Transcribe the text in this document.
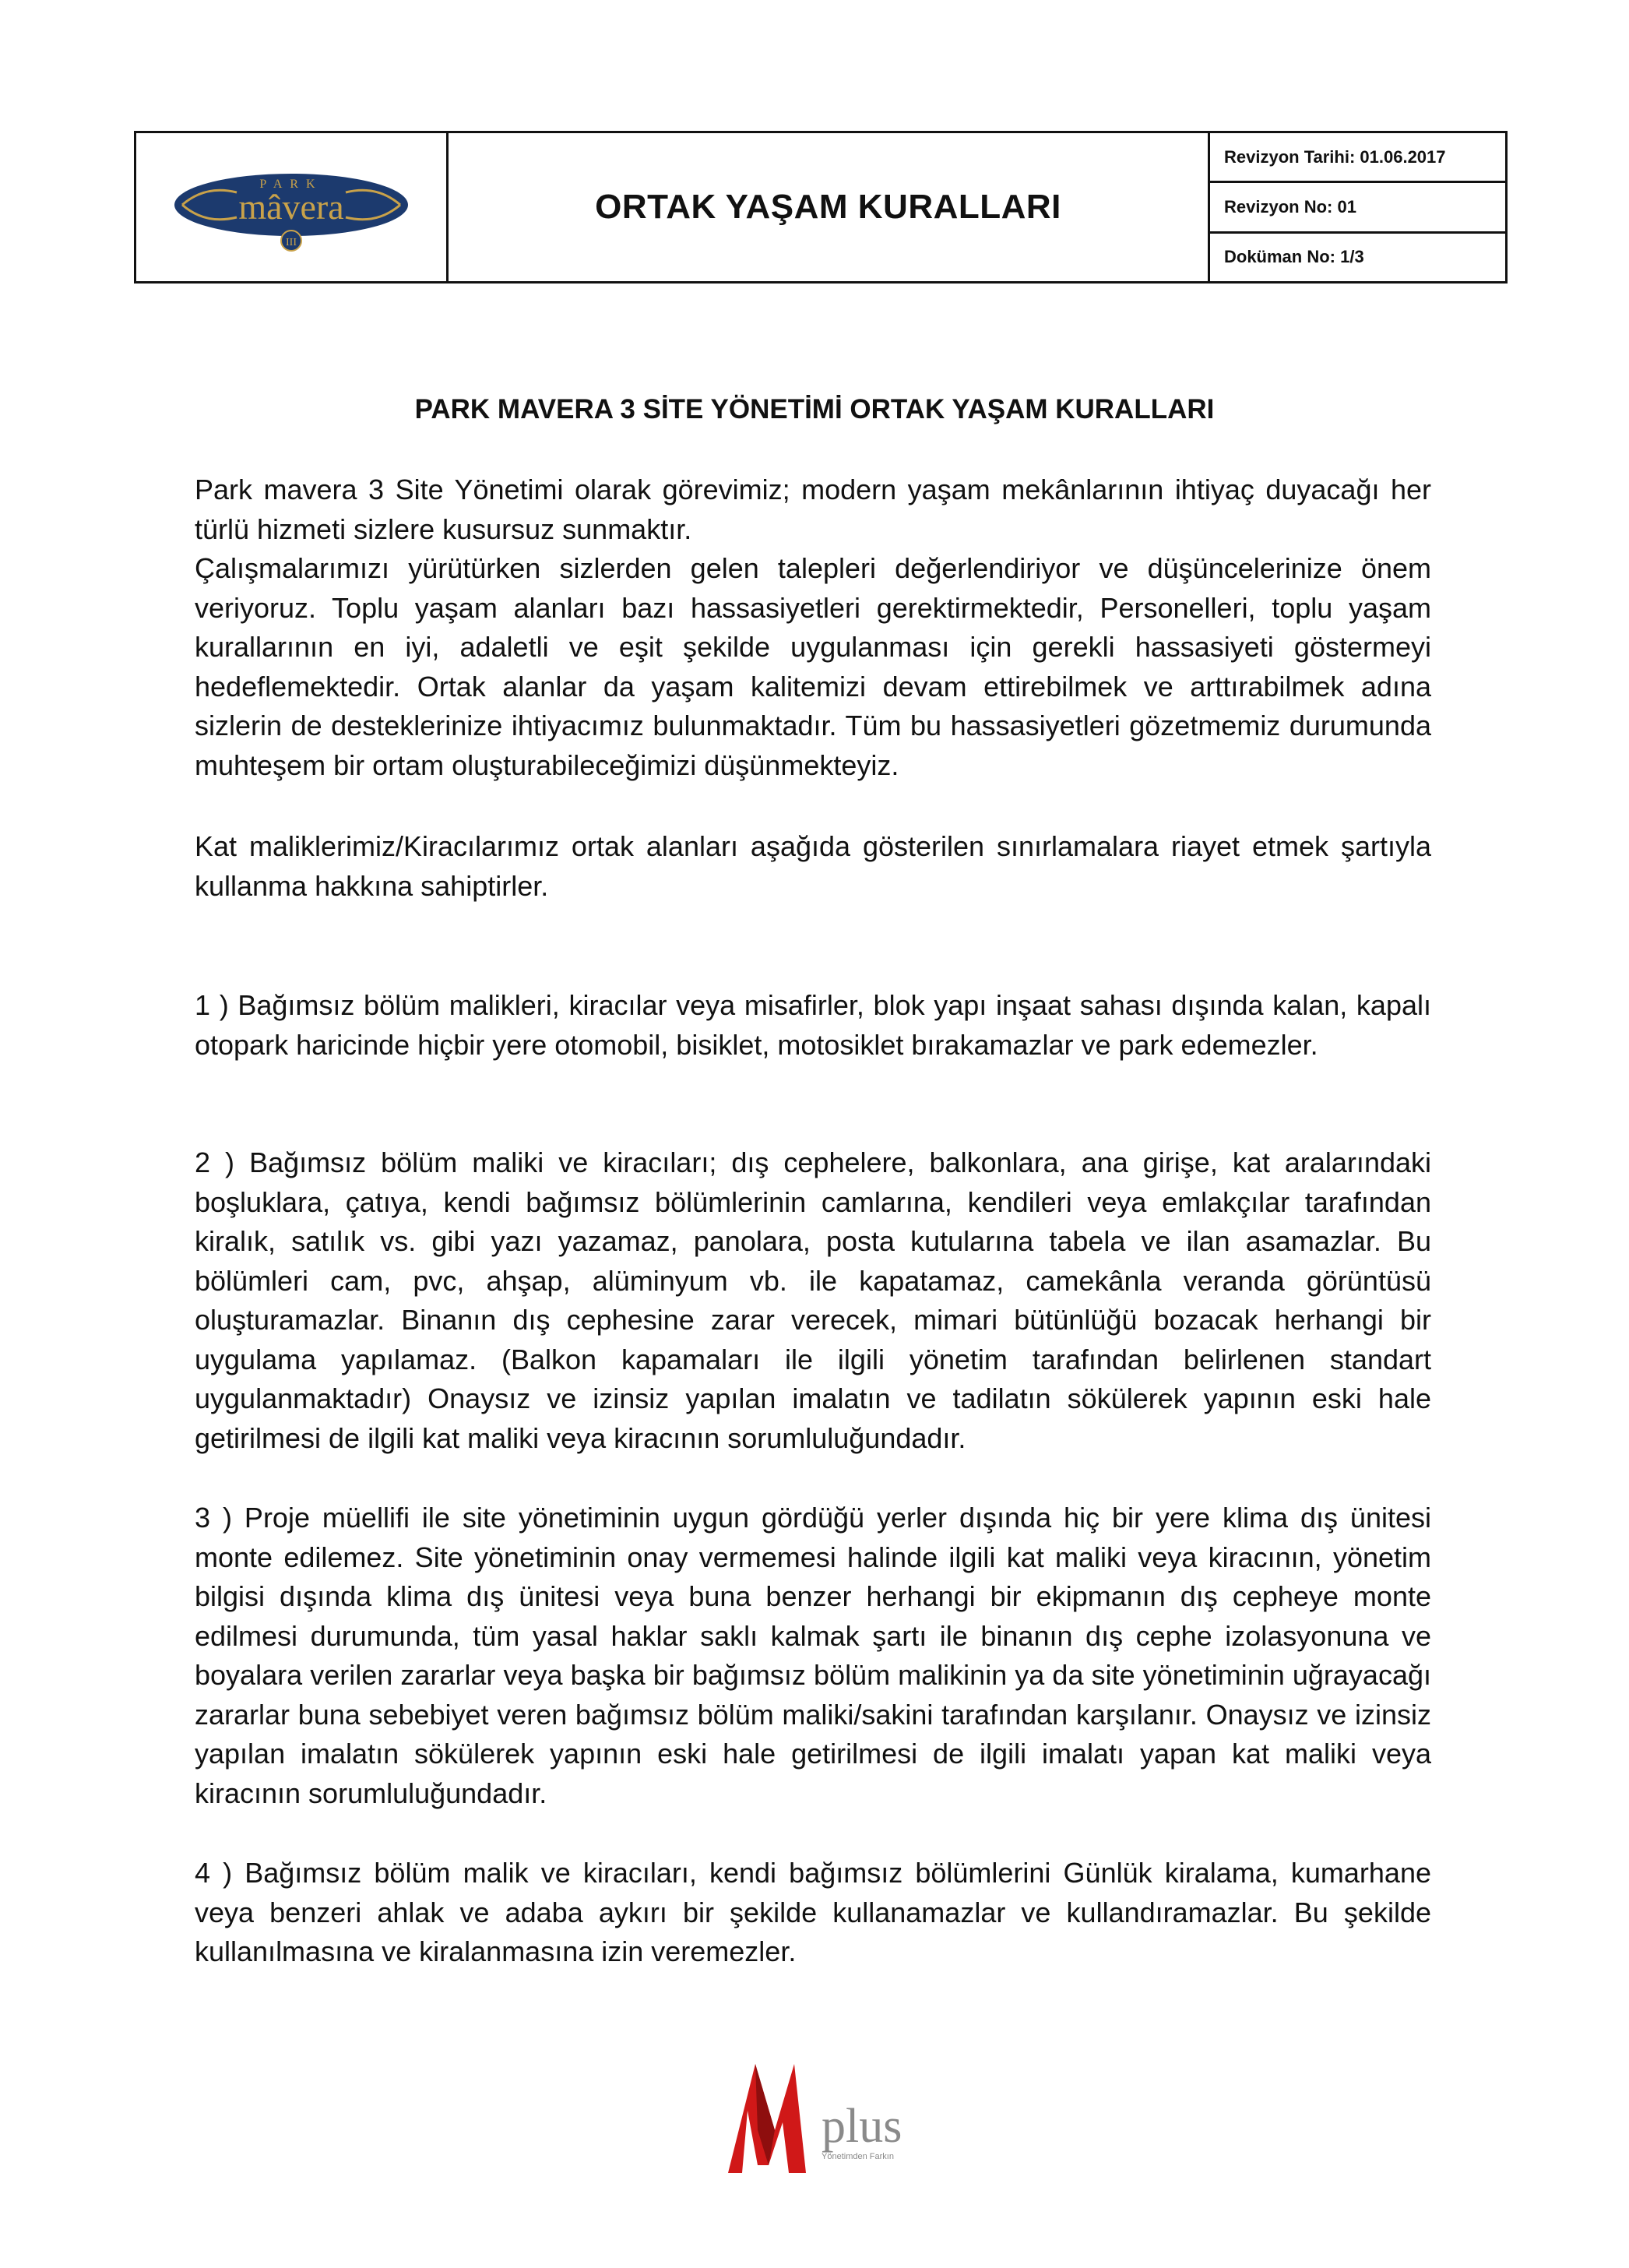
PARK
mâvera
III
ORTAK YAŞAM KURALLARI
Revizyon Tarihi: 01.06.2017
Revizyon No: 01
Doküman No: 1/3
PARK MAVERA 3 SİTE YÖNETİMİ ORTAK YAŞAM KURALLARI

Park mavera 3 Site Yönetimi olarak görevimiz; modern yaşam mekânlarının ihtiyaç duyacağı her türlü hizmeti sizlere kusursuz sunmaktır.

Çalışmalarımızı yürütürken sizlerden gelen talepleri değerlendiriyor ve düşüncelerinize önem veriyoruz. Toplu yaşam alanları bazı hassasiyetleri gerektirmektedir, Personelleri, toplu yaşam kurallarının en iyi, adaletli ve eşit şekilde uygulanması için gerekli hassasiyeti göstermeyi hedeflemektedir. Ortak alanlar da yaşam kalitemizi devam ettirebilmek ve arttırabilmek adına sizlerin de desteklerinize ihtiyacımız bulunmaktadır. Tüm bu hassasiyetleri gözetmemiz durumunda muhteşem bir ortam oluşturabileceğimizi düşünmekteyiz.

Kat maliklerimiz/Kiracılarımız ortak alanları aşağıda gösterilen sınırlamalara riayet etmek şartıyla kullanma hakkına sahiptirler.

1 ) Bağımsız bölüm malikleri, kiracılar veya misafirler, blok yapı inşaat sahası dışında kalan, kapalı otopark haricinde hiçbir yere otomobil, bisiklet, motosiklet bırakamazlar ve park edemezler.

2 ) Bağımsız bölüm maliki ve kiracıları; dış cephelere, balkonlara, ana girişe, kat aralarındaki boşluklara, çatıya, kendi bağımsız bölümlerinin camlarına, kendileri veya emlakçılar tarafından kiralık, satılık vs. gibi yazı yazamaz, panolara, posta kutularına tabela ve ilan asamazlar. Bu bölümleri cam, pvc, ahşap, alüminyum vb. ile kapatamaz, camekânla veranda görüntüsü oluşturamazlar. Binanın dış cephesine zarar verecek, mimari bütünlüğü bozacak herhangi bir uygulama yapılamaz. (Balkon kapamaları ile ilgili yönetim tarafından belirlenen standart uygulanmaktadır) Onaysız ve izinsiz yapılan imalatın ve tadilatın sökülerek yapının eski hale getirilmesi de ilgili kat maliki veya kiracının sorumluluğundadır.

3 ) Proje müellifi ile site yönetiminin uygun gördüğü yerler dışında hiç bir yere klima dış ünitesi monte edilemez. Site yönetiminin onay vermemesi halinde ilgili kat maliki veya kiracının, yönetim bilgisi dışında klima dış ünitesi veya buna benzer herhangi bir ekipmanın dış cepheye monte edilmesi durumunda, tüm yasal haklar saklı kalmak şartı ile binanın dış cephe izolasyonuna ve boyalara verilen zararlar veya başka bir bağımsız bölüm malikinin ya da site yönetiminin uğrayacağı zararlar buna sebebiyet veren bağımsız bölüm maliki/sakini tarafından karşılanır. Onaysız ve izinsiz yapılan imalatın sökülerek yapının eski hale getirilmesi de ilgili imalatı yapan kat maliki veya kiracının sorumluluğundadır.

4 ) Bağımsız bölüm malik ve kiracıları, kendi bağımsız bölümlerini Günlük kiralama, kumarhane veya benzeri ahlak ve adaba aykırı bir şekilde kullanamazlar ve kullandıramazlar. Bu şekilde kullanılmasına ve kiralanmasına izin veremezler.

plus
Yönetimden Farkın
